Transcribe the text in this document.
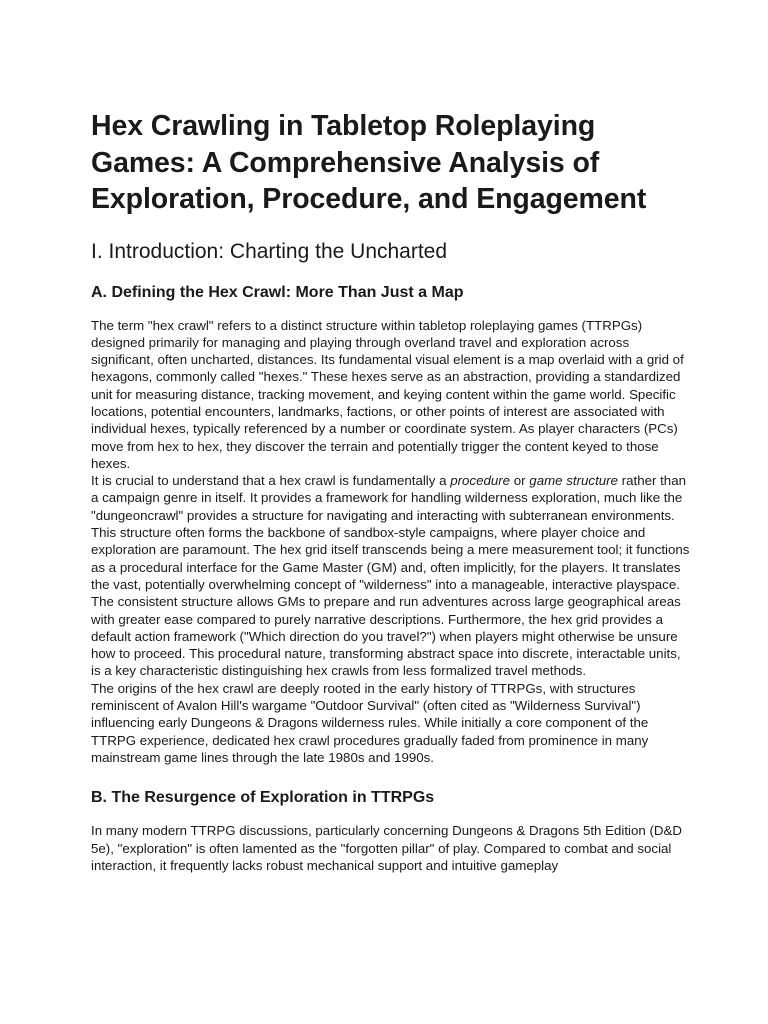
Hex Crawling in Tabletop Roleplaying Games: A Comprehensive Analysis of Exploration, Procedure, and Engagement
I. Introduction: Charting the Uncharted
A. Defining the Hex Crawl: More Than Just a Map

The term "hex crawl" refers to a distinct structure within tabletop roleplaying games (TTRPGs) designed primarily for managing and playing through overland travel and exploration across significant, often uncharted, distances. Its fundamental visual element is a map overlaid with a grid of hexagons, commonly called "hexes." These hexes serve as an abstraction, providing a standardized unit for measuring distance, tracking movement, and keying content within the game world. Specific locations, potential encounters, landmarks, factions, or other points of interest are associated with individual hexes, typically referenced by a number or coordinate system. As player characters (PCs) move from hex to hex, they discover the terrain and potentially trigger the content keyed to those hexes.

It is crucial to understand that a hex crawl is fundamentally a procedure or game structure rather than a campaign genre in itself. It provides a framework for handling wilderness exploration, much like the "dungeoncrawl" provides a structure for navigating and interacting with subterranean environments. This structure often forms the backbone of sandbox-style campaigns, where player choice and exploration are paramount. The hex grid itself transcends being a mere measurement tool; it functions as a procedural interface for the Game Master (GM) and, often implicitly, for the players. It translates the vast, potentially overwhelming concept of "wilderness" into a manageable, interactive playspace. The consistent structure allows GMs to prepare and run adventures across large geographical areas with greater ease compared to purely narrative descriptions. Furthermore, the hex grid provides a default action framework ("Which direction do you travel?") when players might otherwise be unsure how to proceed. This procedural nature, transforming abstract space into discrete, interactable units, is a key characteristic distinguishing hex crawls from less formalized travel methods.

The origins of the hex crawl are deeply rooted in the early history of TTRPGs, with structures reminiscent of Avalon Hill's wargame "Outdoor Survival" (often cited as "Wilderness Survival") influencing early Dungeons & Dragons wilderness rules. While initially a core component of the TTRPG experience, dedicated hex crawl procedures gradually faded from prominence in many mainstream game lines through the late 1980s and 1990s.

B. The Resurgence of Exploration in TTRPGs

In many modern TTRPG discussions, particularly concerning Dungeons & Dragons 5th Edition (D&D 5e), "exploration" is often lamented as the "forgotten pillar" of play. Compared to combat and social interaction, it frequently lacks robust mechanical support and intuitive gameplay
